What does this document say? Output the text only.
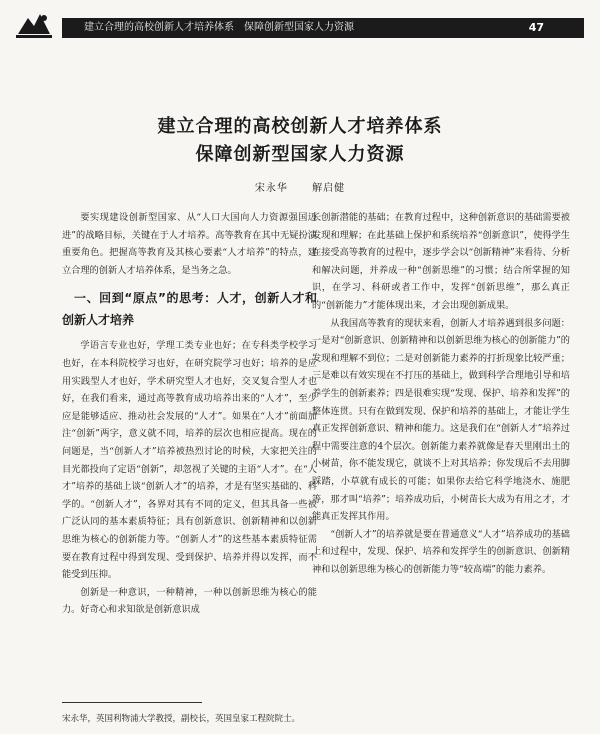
建立合理的高校创新人才培养体系 保障创新型国家人力资源	47
建立合理的高校创新人才培养体系
保障创新型国家人力资源
宋永华 解启健

要实现建设创新型国家、从“人口大国向人力资源强国迈进”的战略目标，关键在于人才培养。高等教育在其中无疑扮演重要角色。把握高等教育及其核心要素“人才培养”的特点，建立合理的创新人才培养体系，是当务之急。

一、回到“原点”的思考：人才，创新人才和创新人才培养

学语言专业也好，学理工类专业也好；在专科类学校学习也好，在本科院校学习也好，在研究院学习也好；培养的是应用实践型人才也好，学术研究型人才也好，交叉复合型人才也好，在我们看来，通过高等教育成功培养出来的“人才”，至少应是能够适应、推动社会发展的“人才”。如果在“人才”前面加注“创新”两字，意义就不同，培养的层次也相应提高。现在的问题是，当“创新人才”培养被热烈讨论的时候，大家把关注的目光都投向了定语“创新”，却忽视了关键的主语“人才”。在“人才”培养的基础上谈“创新人才”的培养，才是有坚实基础的、科学的。“创新人才”，各界对其有不同的定义，但其具备一些被广泛认同的基本素质特征；具有创新意识、创新精神和以创新思维为核心的创新能力等。“创新人才”的这些基本素质特征需要在教育过程中得到发现、受到保护、培养并得以发挥，而不能受到压抑。

创新是一种意识，一种精神，一种以创新思维为核心的能力。好奇心和求知欲是创新意识成

长创新潜能的基础；在教育过程中，这种创新意识的基础需要被发现和理解；在此基础上保护和系统培养“创新意识”，使得学生在接受高等教育的过程中，逐步学会以“创新精神”来看待、分析和解决问题，并养成一种“创新思维”的习惯；结合所掌握的知识，在学习、科研或者工作中，发挥“创新思维”，那么真正的“创新能力”才能体现出来，才会出现创新成果。

从我国高等教育的现状来看，创新人才培养遇到很多问题：一是对“创新意识、创新精神和以创新思维为核心的创新能力”的发现和理解不到位；二是对创新能力素养的打折现象比较严重；三是难以有效实现在不打压的基础上，做到科学合理地引导和培养学生的创新素养；四是很难实现“发现、保护、培养和发挥”的整体连贯。只有在做到发现、保护和培养的基础上，才能让学生真正发挥创新意识、精神和能力。这是我们在“创新人才”培养过程中需要注意的4个层次。创新能力素养就像是春天里刚出土的小树苗，你不能发现它，就谈不上对其培养；你发现后不去用脚踩踏，小草就有成长的可能；如果你去给它科学地浇水、施肥等，那才叫“培养”；培养成功后，小树苗长大成为有用之才，才能真正发挥其作用。

“创新人才”的培养就是要在普通意义“人才”培养成功的基础上和过程中，发现、保护、培养和发挥学生的创新意识、创新精神和以创新思维为核心的创新能力等“较高端”的能力素养。

宋永华，英国利物浦大学教授，副校长，英国皇家工程院院士。
